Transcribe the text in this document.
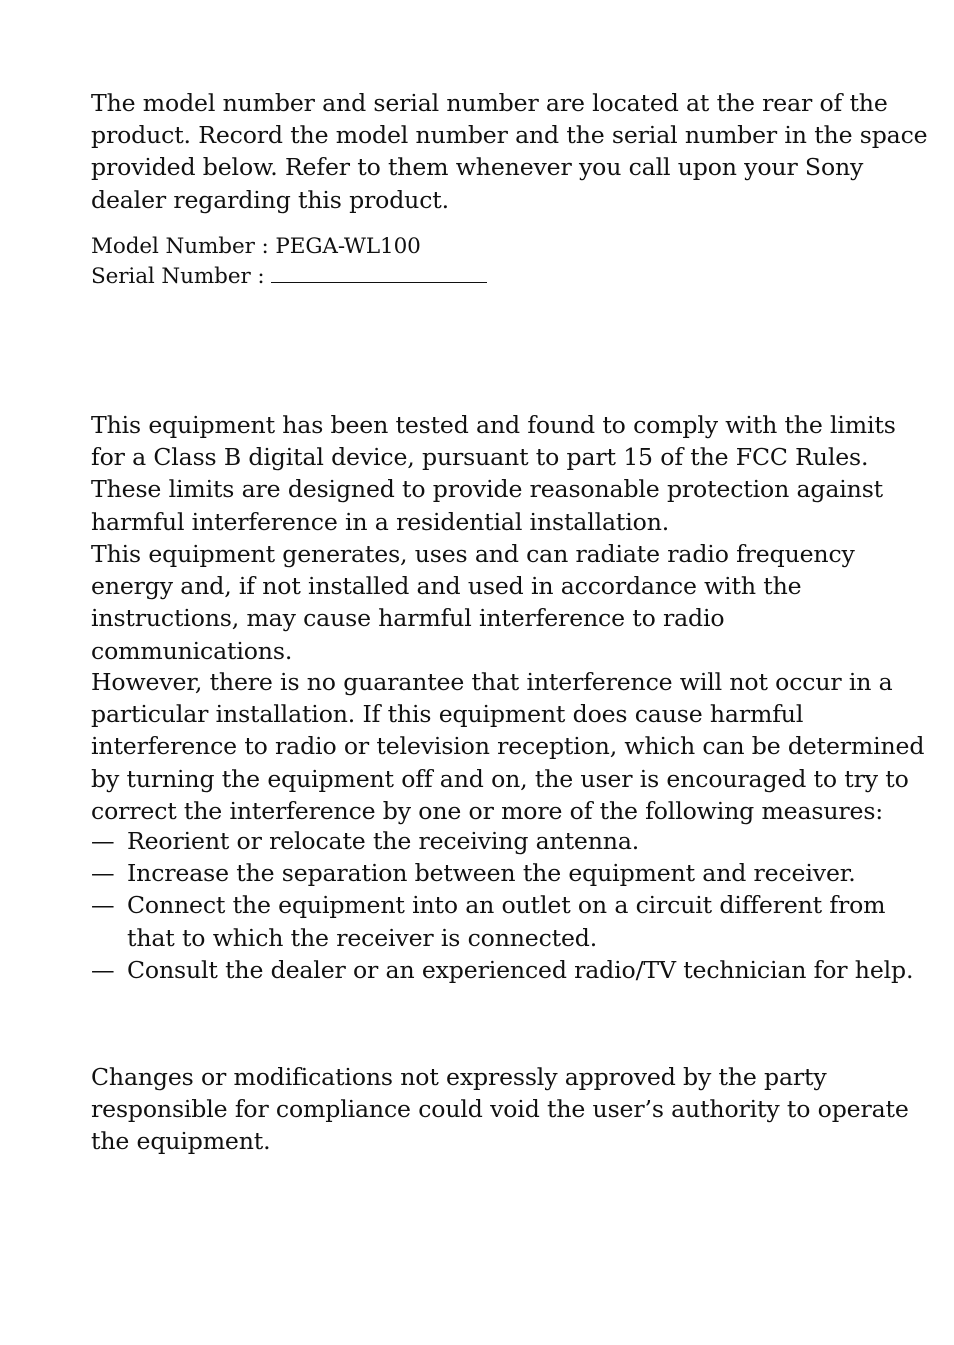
The model number and serial number are located at the rear of the
product. Record the model number and the serial number in the space
provided below. Refer to them whenever you call upon your Sony
dealer regarding this product.

Model Number : PEGA-WL100
Serial Number :

This equipment has been tested and found to comply with the limits
for a Class B digital device, pursuant to part 15 of the FCC Rules.
These limits are designed to provide reasonable protection against
harmful interference in a residential installation.

This equipment generates, uses and can radiate radio frequency
energy and, if not installed and used in accordance with the
instructions, may cause harmful interference to radio
communications.

However, there is no guarantee that interference will not occur in a
particular installation. If this equipment does cause harmful
interference to radio or television reception, which can be determined
by turning the equipment off and on, the user is encouraged to try to
correct the interference by one or more of the following measures:

— Reorient or relocate the receiving antenna.
— Increase the separation between the equipment and receiver.
— Connect the equipment into an outlet on a circuit different from
that to which the receiver is connected.
— Consult the dealer or an experienced radio/TV technician for help.

Changes or modifications not expressly approved by the party
responsible for compliance could void the user’s authority to operate
the equipment.
